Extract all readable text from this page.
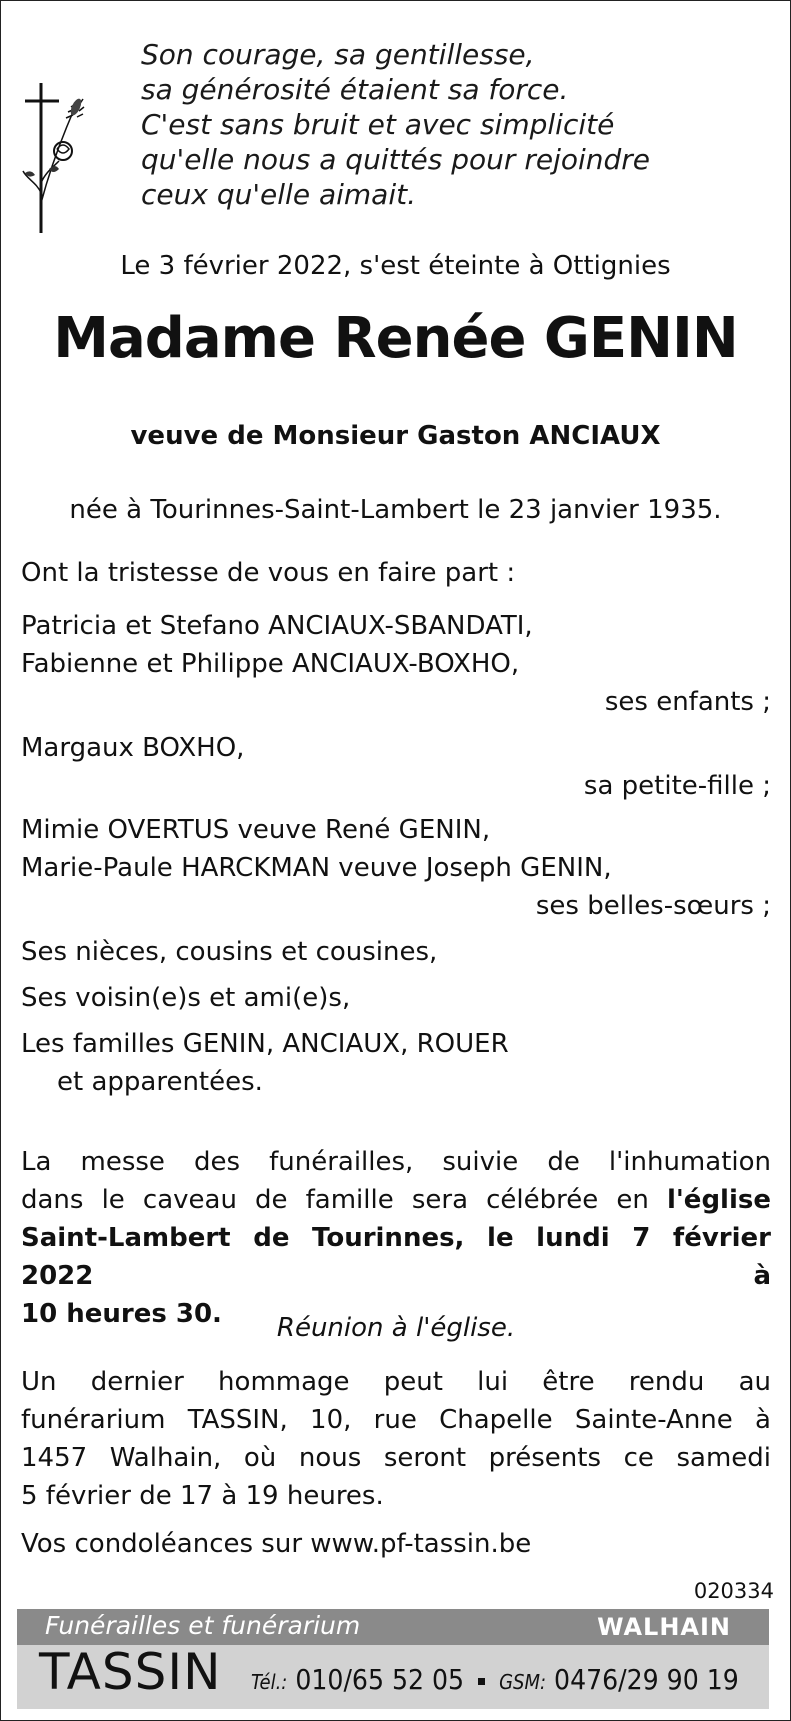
Son courage, sa gentillesse,
sa générosité étaient sa force.
C'est sans bruit et avec simplicité
qu'elle nous a quittés pour rejoindre
ceux qu'elle aimait.
Le 3 février 2022, s'est éteinte à Ottignies
Madame Renée GENIN
veuve de Monsieur Gaston ANCIAUX
née à Tourinnes-Saint-Lambert le 23 janvier 1935.
Ont la tristesse de vous en faire part :
Patricia et Stefano ANCIAUX-SBANDATI,
Fabienne et Philippe ANCIAUX-BOXHO,
ses enfants ;
Margaux BOXHO,
sa petite-fille ;
Mimie OVERTUS veuve René GENIN,
Marie-Paule HARCKMAN veuve Joseph GENIN,
ses belles-sœurs ;
Ses nièces, cousins et cousines,
Ses voisin(e)s et ami(e)s,
Les familles GENIN, ANCIAUX, ROUER
et apparentées.
La messe des funérailles, suivie de l'inhumation
dans le caveau de famille sera célébrée en l'église
Saint-Lambert de Tourinnes, le lundi 7 février 2022 à
10 heures 30.	Réunion à l'église.
Un dernier hommage peut lui être rendu au
funérarium TASSIN, 10, rue Chapelle Sainte-Anne à
1457 Walhain, où nous seront présents ce samedi
5 février de 17 à 19 heures.
Vos condoléances sur www.pf-tassin.be
020334
Funérailles et funérarium	WALHAIN
TASSIN Tél.: 010/65 52 05 GSM: 0476/29 90 19
